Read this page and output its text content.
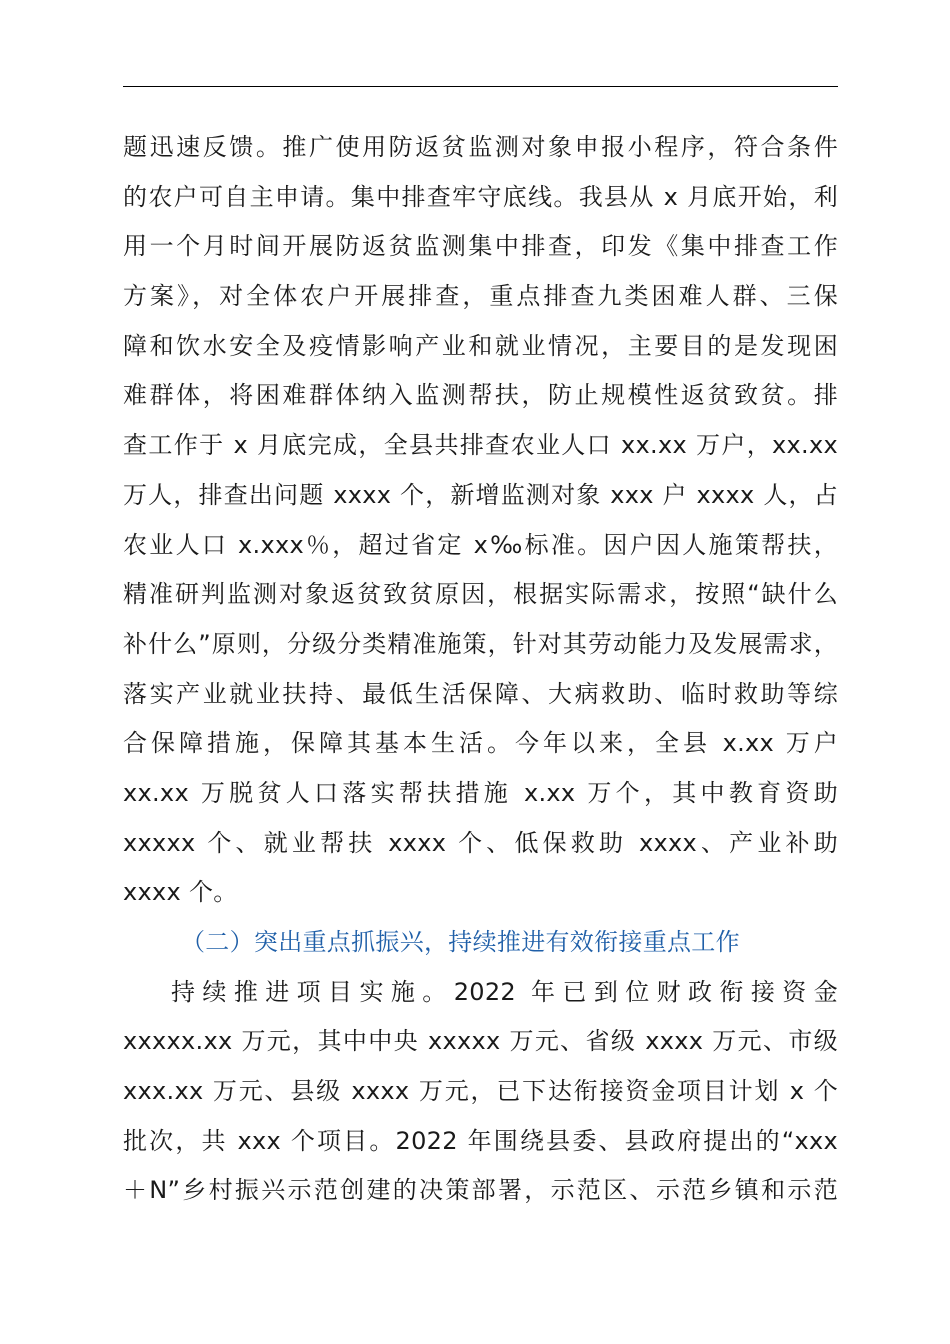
题迅速反馈。推广使用防返贫监测对象申报小程序，符合条件
的农户可自主申请。集中排查牢守底线。我县从 x 月底开始，利
用一个月时间开展防返贫监测集中排查，印发《集中排查工作
方案》，对全体农户开展排查，重点排查九类困难人群、三保
障和饮水安全及疫情影响产业和就业情况，主要目的是发现困
难群体，将困难群体纳入监测帮扶，防止规模性返贫致贫。排
查工作于 x 月底完成，全县共排查农业人口 xx.xx 万户，xx.xx
万人，排查出问题 xxxx 个，新增监测对象 xxx 户 xxxx 人，占
农业人口 x.xxx％，超过省定 x‰标准。因户因人施策帮扶，
精准研判监测对象返贫致贫原因，根据实际需求，按照“缺什么
补什么”原则，分级分类精准施策，针对其劳动能力及发展需求，
落实产业就业扶持、最低生活保障、大病救助、临时救助等综
合保障措施，保障其基本生活。今年以来，全县 x.xx 万户
xx.xx 万脱贫人口落实帮扶措施 x.xx 万个，其中教育资助
xxxxx 个、就业帮扶 xxxx 个、低保救助 xxxx、产业补助
xxxx 个。
（二）突出重点抓振兴，持续推进有效衔接重点工作
持续推进项目实施。2022 年已到位财政衔接资金
xxxxx.xx 万元，其中中央 xxxxx 万元、省级 xxxx 万元、市级
xxx.xx 万元、县级 xxxx 万元，已下达衔接资金项目计划 x 个
批次，共 xxx 个项目。2022 年围绕县委、县政府提出的“xxx
＋N”乡村振兴示范创建的决策部署，示范区、示范乡镇和示范
